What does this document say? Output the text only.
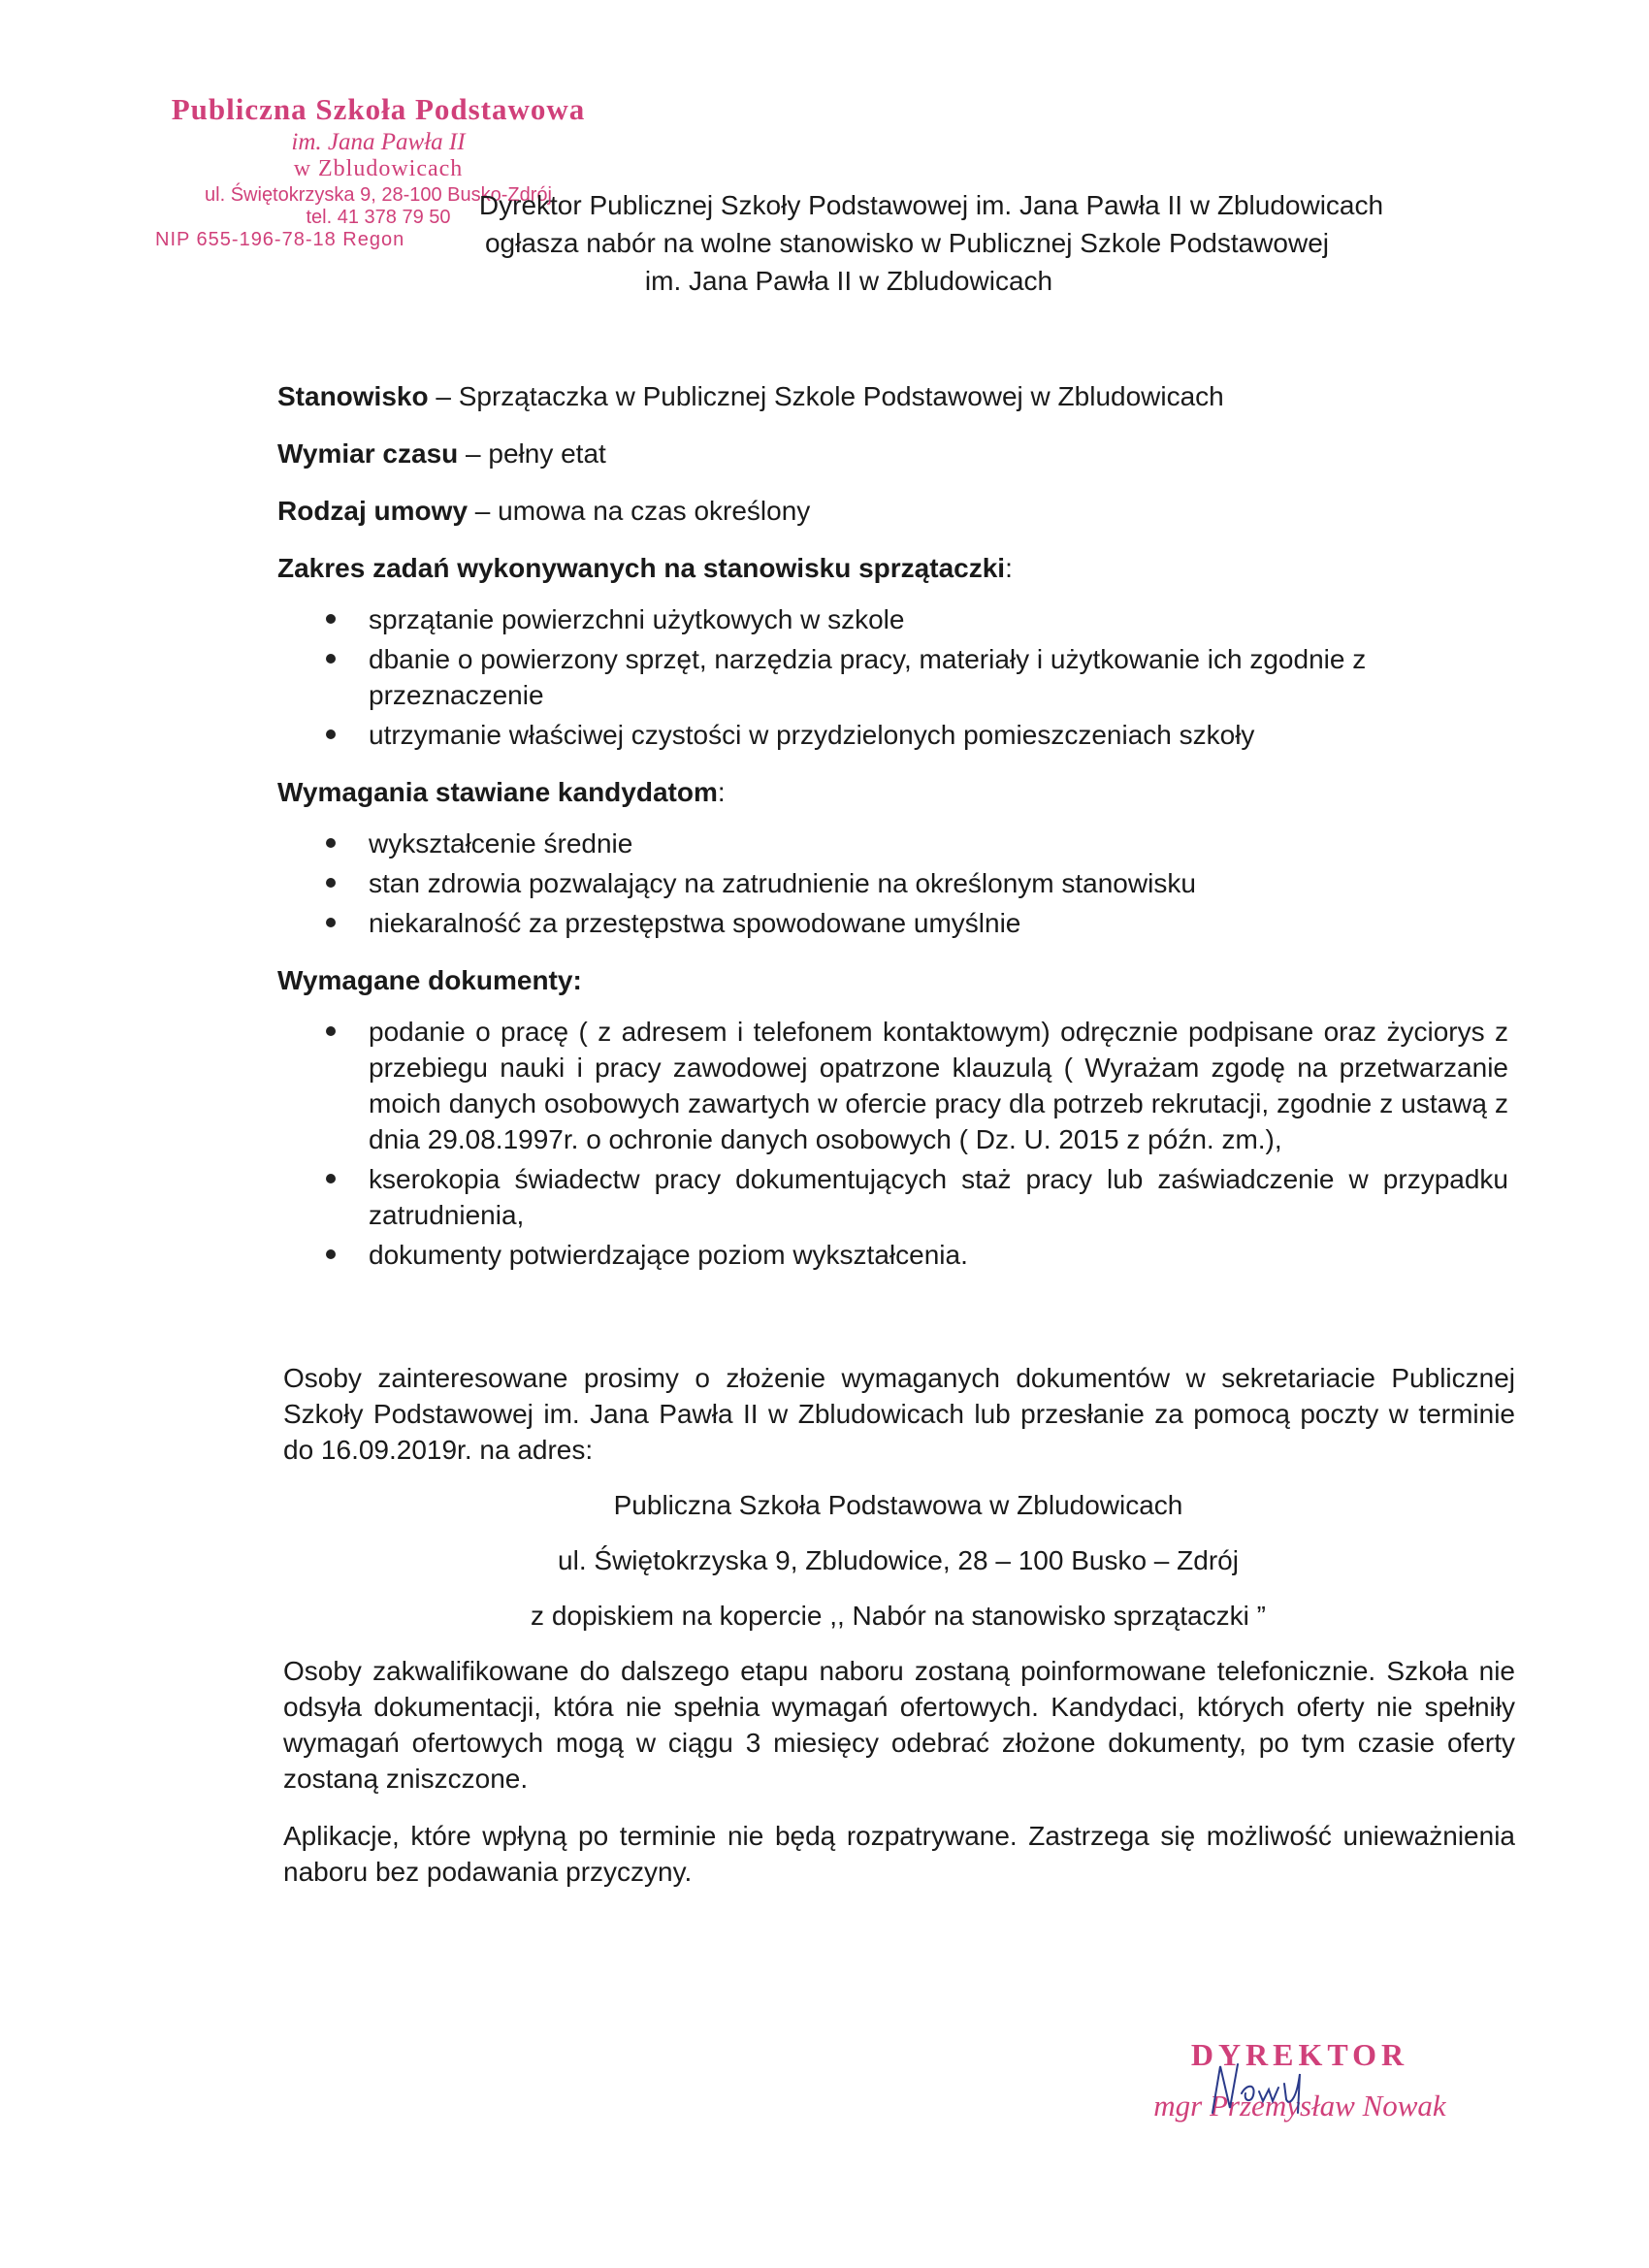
Publiczna Szkoła Podstawowa
im. Jana Pawła II
w Zbludowicach
ul. Świętokrzyska 9, 28-100 Busko-Zdrój
tel. 41 378 79 50
NIP 655-196-78-18 Regon
Dyrektor Publicznej Szkoły Podstawowej im. Jana Pawła II w Zbludowicach
ogłasza nabór na wolne stanowisko w Publicznej Szkole Podstawowej
im. Jana Pawła II w Zbludowicach
Stanowisko – Sprzątaczka w Publicznej Szkole Podstawowej w Zbludowicach
Wymiar czasu – pełny etat
Rodzaj umowy – umowa na czas określony
Zakres zadań wykonywanych na stanowisku sprzątaczki:
sprzątanie powierzchni użytkowych w szkole
dbanie o powierzony sprzęt, narzędzia pracy, materiały i użytkowanie ich zgodnie z przeznaczenie
utrzymanie właściwej czystości w przydzielonych pomieszczeniach szkoły
Wymagania stawiane kandydatom:
wykształcenie średnie
stan zdrowia pozwalający na zatrudnienie na określonym stanowisku
niekaralność za przestępstwa spowodowane umyślnie
Wymagane dokumenty:
podanie o pracę ( z adresem i telefonem kontaktowym) odręcznie podpisane oraz życiorys z przebiegu nauki i pracy zawodowej opatrzone klauzulą ( Wyrażam zgodę na przetwarzanie moich danych osobowych zawartych w ofercie pracy dla potrzeb rekrutacji, zgodnie z ustawą z dnia 29.08.1997r. o ochronie danych osobowych ( Dz. U. 2015 z późn. zm.),
kserokopia świadectw pracy dokumentujących staż pracy lub zaświadczenie w przypadku zatrudnienia,
dokumenty potwierdzające poziom wykształcenia.
Osoby zainteresowane prosimy o złożenie wymaganych dokumentów w sekretariacie Publicznej Szkoły Podstawowej im. Jana Pawła II w Zbludowicach lub przesłanie za pomocą poczty w terminie do 16.09.2019r. na adres:
Publiczna Szkoła Podstawowa w Zbludowicach
ul. Świętokrzyska 9, Zbludowice, 28 – 100 Busko – Zdrój
z dopiskiem na kopercie ,, Nabór na stanowisko sprzątaczki ”
Osoby zakwalifikowane do dalszego etapu naboru zostaną poinformowane telefonicznie. Szkoła nie odsyła dokumentacji, która nie spełnia wymagań ofertowych. Kandydaci, których oferty nie spełniły wymagań ofertowych mogą w ciągu 3 miesięcy odebrać złożone dokumenty, po tym czasie oferty zostaną zniszczone.
Aplikacje, które wpłyną po terminie nie będą rozpatrywane. Zastrzega się możliwość unieważnienia naboru bez podawania przyczyny.
DYREKTOR
mgr Przemysław Nowak
